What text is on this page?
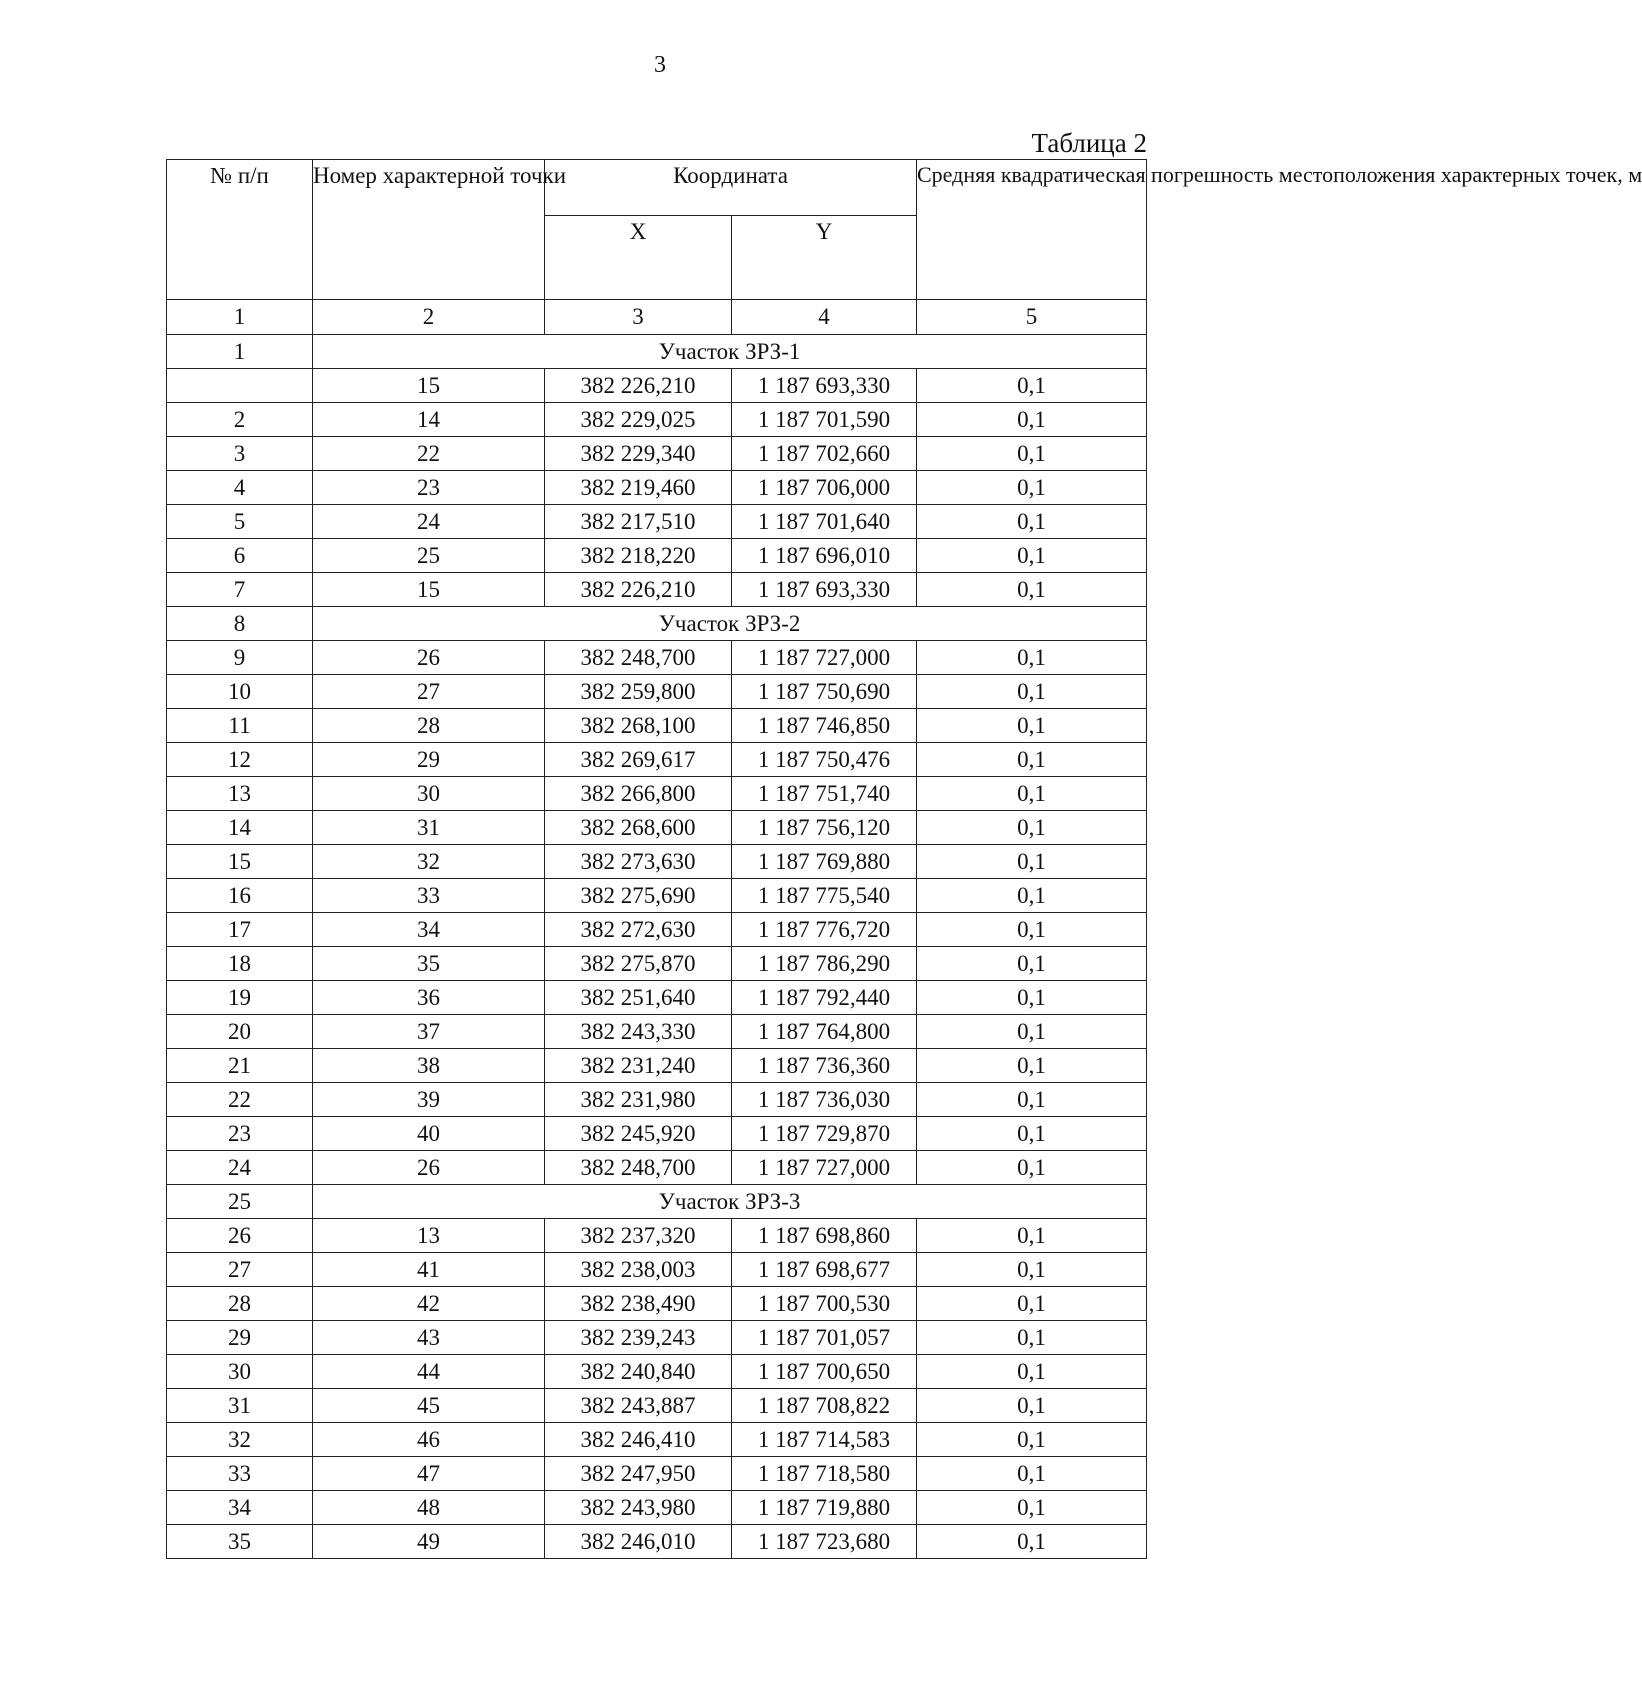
3
Таблица 2
№ п/п	Номер характерной точки	Координата		Средняя квадратическая погрешность местоположения характерных точек, м
		X	Y	
1	2	3	4	5
1	Участок ЗРЗ-1			
	15	382 226,210	1 187 693,330	0,1
2	14	382 229,025	1 187 701,590	0,1
3	22	382 229,340	1 187 702,660	0,1
4	23	382 219,460	1 187 706,000	0,1
5	24	382 217,510	1 187 701,640	0,1
6	25	382 218,220	1 187 696,010	0,1
7	15	382 226,210	1 187 693,330	0,1
8	Участок ЗРЗ-2			
9	26	382 248,700	1 187 727,000	0,1
10	27	382 259,800	1 187 750,690	0,1
11	28	382 268,100	1 187 746,850	0,1
12	29	382 269,617	1 187 750,476	0,1
13	30	382 266,800	1 187 751,740	0,1
14	31	382 268,600	1 187 756,120	0,1
15	32	382 273,630	1 187 769,880	0,1
16	33	382 275,690	1 187 775,540	0,1
17	34	382 272,630	1 187 776,720	0,1
18	35	382 275,870	1 187 786,290	0,1
19	36	382 251,640	1 187 792,440	0,1
20	37	382 243,330	1 187 764,800	0,1
21	38	382 231,240	1 187 736,360	0,1
22	39	382 231,980	1 187 736,030	0,1
23	40	382 245,920	1 187 729,870	0,1
24	26	382 248,700	1 187 727,000	0,1
25	Участок ЗРЗ-3			
26	13	382 237,320	1 187 698,860	0,1
27	41	382 238,003	1 187 698,677	0,1
28	42	382 238,490	1 187 700,530	0,1
29	43	382 239,243	1 187 701,057	0,1
30	44	382 240,840	1 187 700,650	0,1
31	45	382 243,887	1 187 708,822	0,1
32	46	382 246,410	1 187 714,583	0,1
33	47	382 247,950	1 187 718,580	0,1
34	48	382 243,980	1 187 719,880	0,1
35	49	382 246,010	1 187 723,680	0,1
